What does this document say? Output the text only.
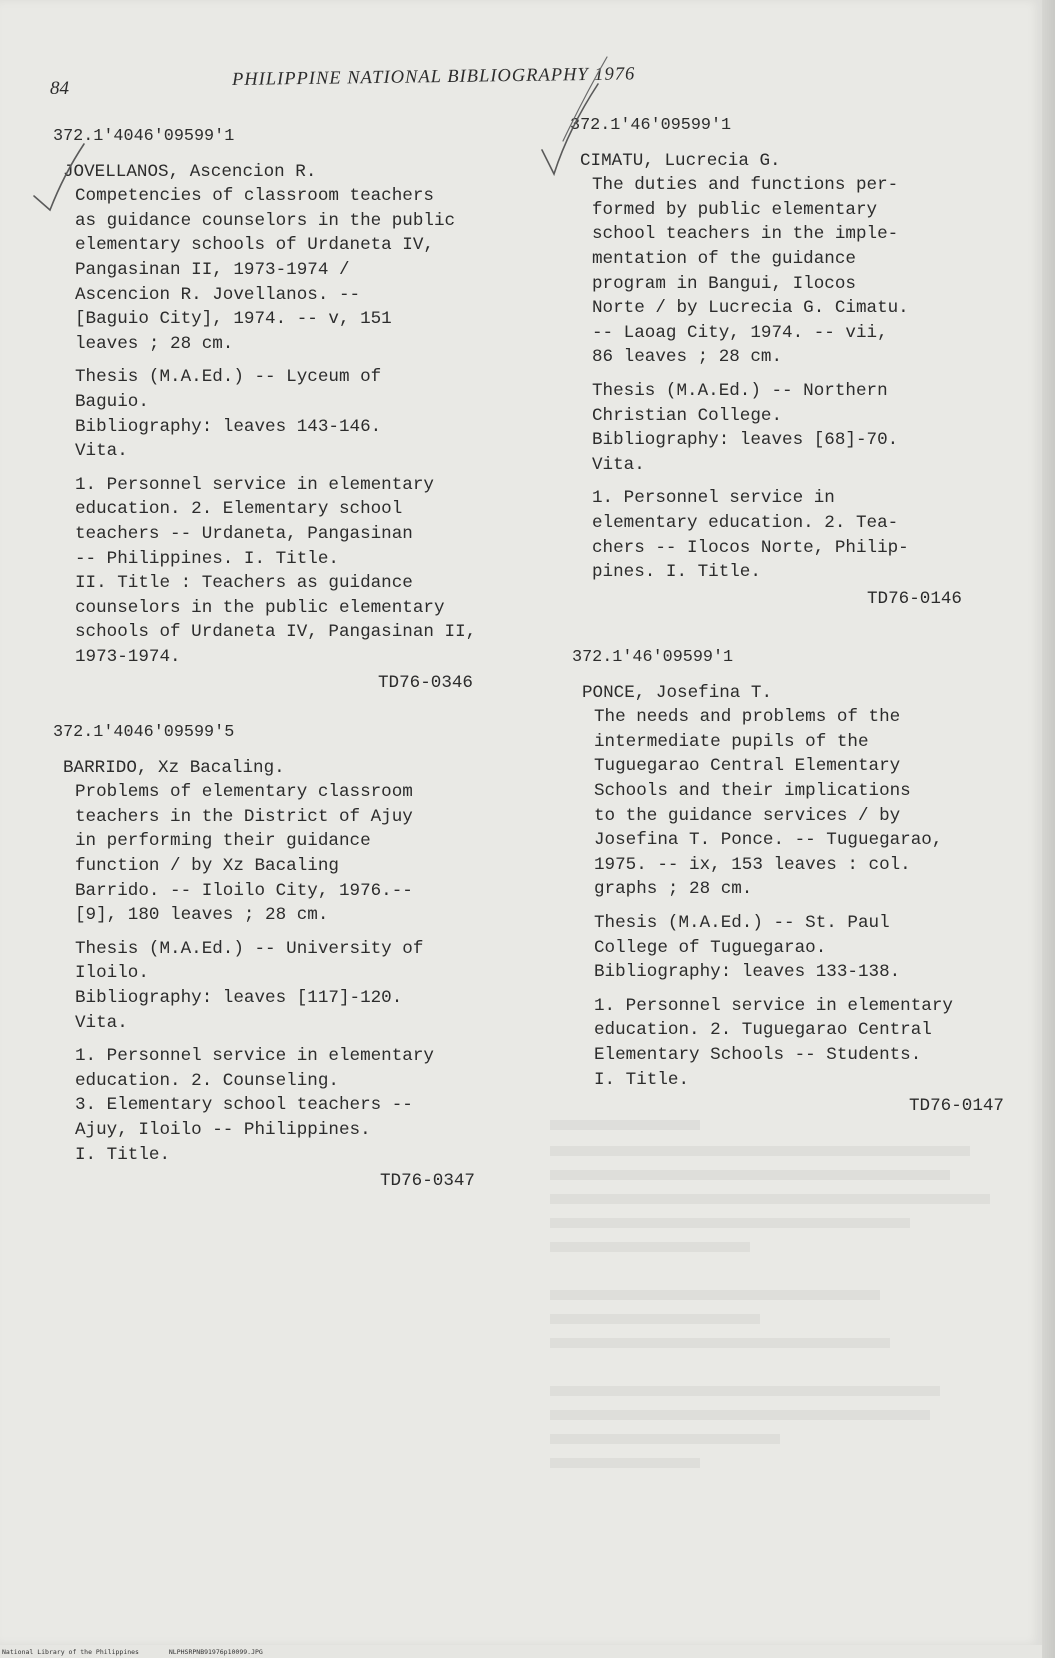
84	PHILIPPINE NATIONAL BIBLIOGRAPHY 1976
372.1'4046'09599'1
JOVELLANOS, Ascencion R.
Competencies of classroom teachers
as guidance counselors in the public
elementary schools of Urdaneta IV,
Pangasinan II, 1973-1974 /
Ascencion R. Jovellanos. --
[Baguio City], 1974. -- v, 151
leaves ; 28 cm.
Thesis (M.A.Ed.) -- Lyceum of
Baguio.
Bibliography: leaves 143-146.
Vita.
1. Personnel service in elementary
education. 2. Elementary school
teachers -- Urdaneta, Pangasinan
-- Philippines. I. Title.
II. Title : Teachers as guidance
counselors in the public elementary
schools of Urdaneta IV, Pangasinan II,
1973-1974.
TD76-0346
372.1'4046'09599'5
BARRIDO, Xz Bacaling.
Problems of elementary classroom
teachers in the District of Ajuy
in performing their guidance
function / by Xz Bacaling
Barrido. -- Iloilo City, 1976.--
[9], 180 leaves ; 28 cm.
Thesis (M.A.Ed.) -- University of
Iloilo.
Bibliography: leaves [117]-120.
Vita.
1. Personnel service in elementary
education. 2. Counseling.
3. Elementary school teachers --
Ajuy, Iloilo -- Philippines.
I. Title.
TD76-0347
372.1'46'09599'1
CIMATU, Lucrecia G.
The duties and functions per-
formed by public elementary
school teachers in the imple-
mentation of the guidance
program in Bangui, Ilocos
Norte / by Lucrecia G. Cimatu.
-- Laoag City, 1974. -- vii,
86 leaves ; 28 cm.
Thesis (M.A.Ed.) -- Northern
Christian College.
Bibliography: leaves [68]-70.
Vita.
1. Personnel service in
elementary education. 2. Tea-
chers -- Ilocos Norte, Philip-
pines. I. Title.
TD76-0146
372.1'46'09599'1
PONCE, Josefina T.
The needs and problems of the
intermediate pupils of the
Tuguegarao Central Elementary
Schools and their implications
to the guidance services / by
Josefina T. Ponce. -- Tuguegarao,
1975. -- ix, 153 leaves : col.
graphs ; 28 cm.
Thesis (M.A.Ed.) -- St. Paul
College of Tuguegarao.
Bibliography: leaves 133-138.
1. Personnel service in elementary
education. 2. Tuguegarao Central
Elementary Schools -- Students.
I. Title.
TD76-0147
National Library of the Philippines	NLPHSRPNB91976p10099.JPG
